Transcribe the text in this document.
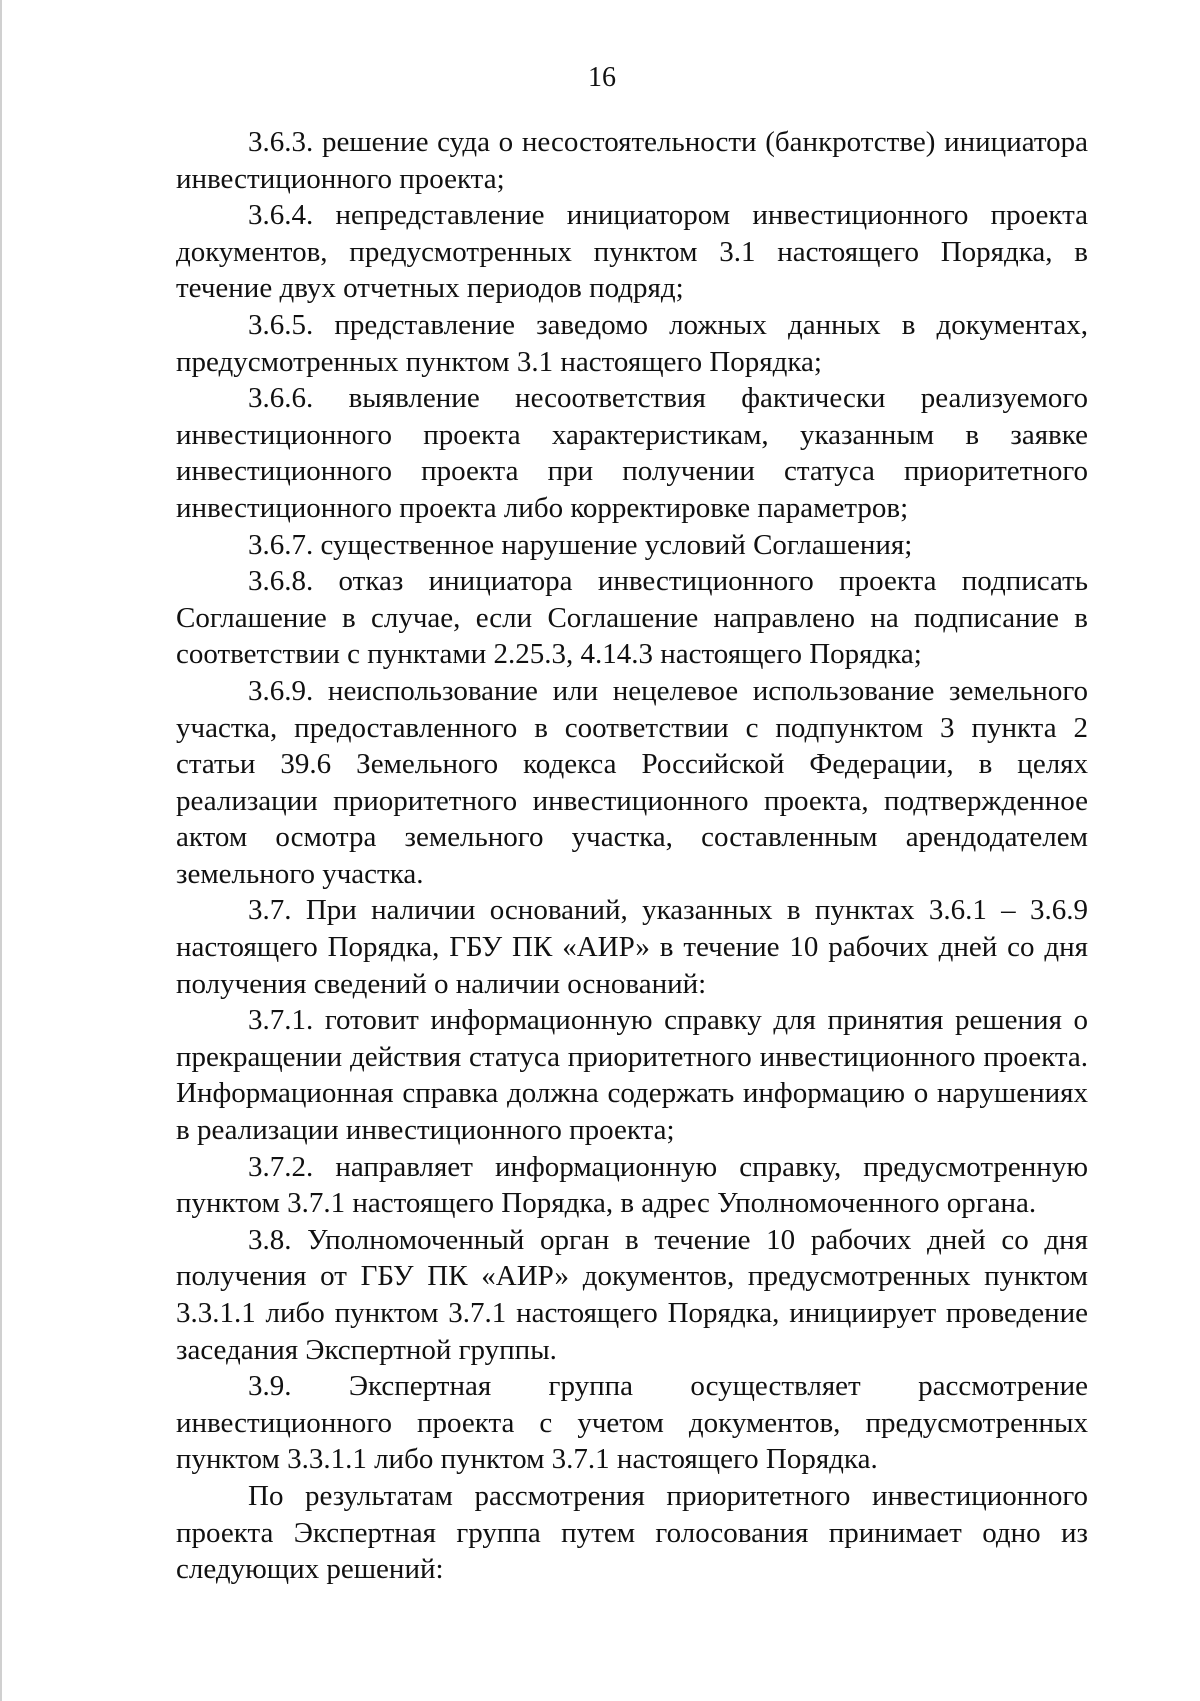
16

3.6.3. решение суда о несостоятельности (банкротстве) инициатора инвестиционного проекта;

3.6.4. непредставление инициатором инвестиционного проекта документов, предусмотренных пунктом 3.1 настоящего Порядка, в течение двух отчетных периодов подряд;

3.6.5. представление заведомо ложных данных в документах, предусмотренных пунктом 3.1 настоящего Порядка;

3.6.6. выявление несоответствия фактически реализуемого инвестиционного проекта характеристикам, указанным в заявке инвестиционного проекта при получении статуса приоритетного инвестиционного проекта либо корректировке параметров;

3.6.7. существенное нарушение условий Соглашения;

3.6.8. отказ инициатора инвестиционного проекта подписать Соглашение в случае, если Соглашение направлено на подписание в соответствии с пунктами 2.25.3, 4.14.3 настоящего Порядка;

3.6.9. неиспользование или нецелевое использование земельного участка, предоставленного в соответствии с подпунктом 3 пункта 2 статьи 39.6 Земельного кодекса Российской Федерации, в целях реализации приоритетного инвестиционного проекта, подтвержденное актом осмотра земельного участка, составленным арендодателем земельного участка.

3.7. При наличии оснований, указанных в пунктах 3.6.1 – 3.6.9 настоящего Порядка, ГБУ ПК «АИР» в течение 10 рабочих дней со дня получения сведений о наличии оснований:

3.7.1. готовит информационную справку для принятия решения о прекращении действия статуса приоритетного инвестиционного проекта. Информационная справка должна содержать информацию о нарушениях в реализации инвестиционного проекта;

3.7.2. направляет информационную справку, предусмотренную пунктом 3.7.1 настоящего Порядка, в адрес Уполномоченного органа.

3.8. Уполномоченный орган в течение 10 рабочих дней со дня получения от ГБУ ПК «АИР» документов, предусмотренных пунктом 3.3.1.1 либо пунктом 3.7.1 настоящего Порядка, инициирует проведение заседания Экспертной группы.

3.9. Экспертная группа осуществляет рассмотрение инвестиционного проекта с учетом документов, предусмотренных пунктом 3.3.1.1 либо пунктом 3.7.1 настоящего Порядка.

По результатам рассмотрения приоритетного инвестиционного проекта Экспертная группа путем голосования принимает одно из следующих решений:
